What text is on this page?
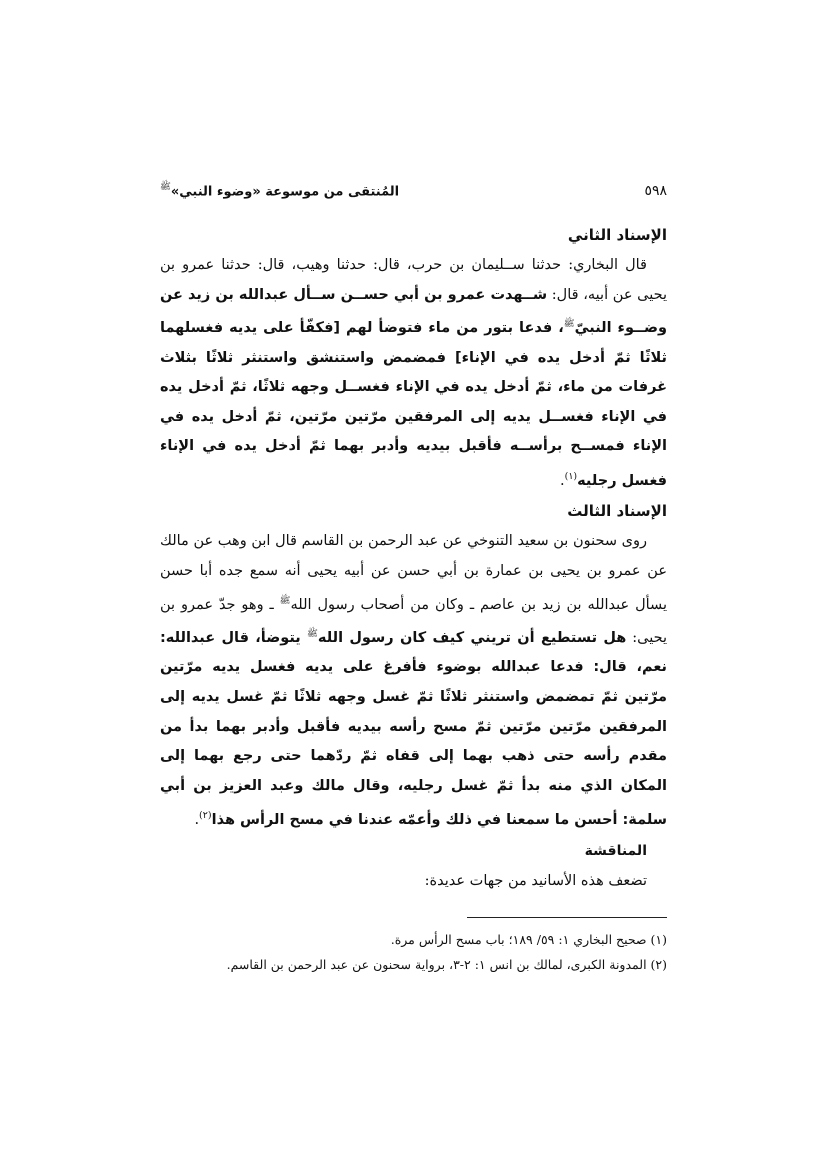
٥٩٨
المُنتقى من موسوعة «وضوء النبي»$^ﷺ$
الإسناد الثاني

قال البخاري: حدثنا ســليمان بن حرب، قال: حدثنا وهيب، قال: حدثنا عمرو بن يحيى عن أبيه، قال: شــهدت عمرو بن أبي حســن ســأل عبدالله بن زيد عن وضــوء النبيّ$^ﷺ$، فدعا بتور من ماء فتوضأ لهم [فكفّأ على يديه فغسلهما ثلاثًا ثمّ أدخل يده في الإناء] فمضمض واستنشق واستنثر ثلاثًا بثلاث غرفات من ماء، ثمّ أدخل يده في الإناء فغســل وجهه ثلاثًا، ثمّ أدخل يده في الإناء فغســل يديه إلى المرفقين مرّتين مرّتين، ثمّ أدخل يده في الإناء فمســح برأســه فأقبل بيديه وأدبر بهما ثمّ أدخل يده في الإناء فغسل رجليه$^{(١)}$.

الإسناد الثالث

روى سحنون بن سعيد التنوخي عن عبد الرحمن بن القاسم قال ابن وهب عن مالك عن عمرو بن يحيى بن عمارة بن أبي حسن عن أبيه يحيى أنه سمع جده أبا حسن يسأل عبدالله بن زيد بن عاصم ـ وكان من أصحاب رسول الله$^ﷺ$ ـ وهو جدّ عمرو بن يحيى: هل تستطيع أن تريني كيف كان رسول الله$^ﷺ$ يتوضأ، قال عبدالله: نعم، قال: فدعا عبدالله بوضوء فأفرغ على يديه فغسل يديه مرّتين مرّتين ثمّ تمضمض واستنثر ثلاثًا ثمّ غسل وجهه ثلاثًا ثمّ غسل يديه إلى المرفقين مرّتين مرّتين ثمّ مسح رأسه بيديه فأقبل وأدبر بهما بدأ من مقدم رأسه حتى ذهب بهما إلى قفاه ثمّ ردّهما حتى رجع بهما إلى المكان الذي منه بدأ ثمّ غسل رجليه، وقال مالك وعبد العزيز بن أبي سلمة: أحسن ما سمعنا في ذلك وأعمّه عندنا في مسح الرأس هذا$^{(٢)}$.

المناقشة

تضعف هذه الأسانيد من جهات عديدة:

(١) صحيح البخاري ١: ٥٩/ ١٨٩؛ باب مسح الرأس مرة.

(٢) المدونة الكبرى، لمالك بن انس ١: ٢-٣، برواية سحنون عن عبد الرحمن بن القاسم.
